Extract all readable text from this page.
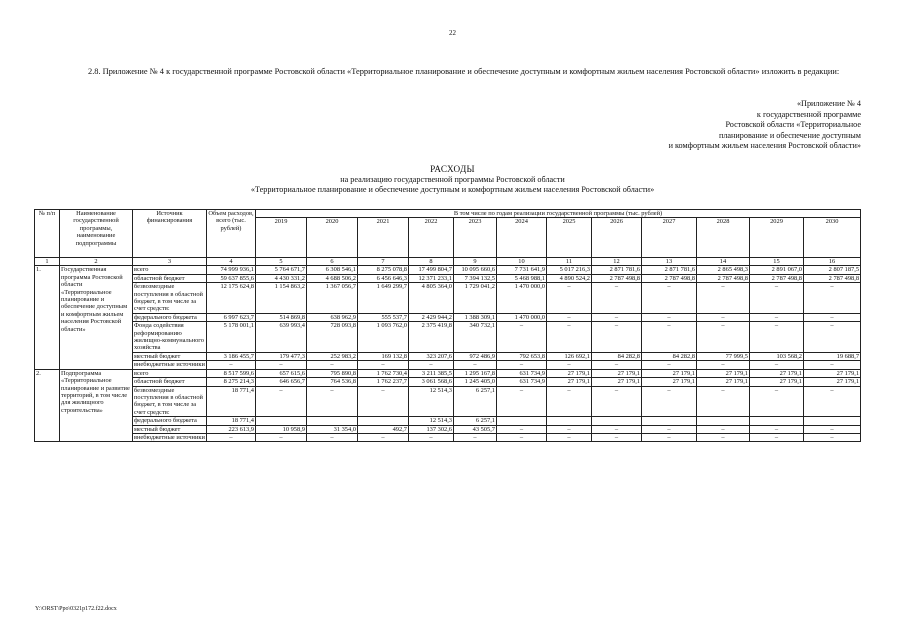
22
2.8. Приложение № 4 к государственной программе Ростовской области «Территориальное планирование и обеспечение доступным и комфортным жильем населения Ростовской области» изложить в редакции:
«Приложение № 4
к государственной программе
Ростовской области «Территориальное
планирование и обеспечение доступным
и комфортным жильем населения Ростовской области»
РАСХОДЫ
на реализацию государственной программы Ростовской области
«Территориальное планирование и обеспечение доступным и комфортным жильем населения Ростовской области»
№ п/п	Наименование государственной программы, наименование подпрограммы	Источник финансирования	Объем расходов, всего (тыс. рублей)	В том числе по годам реализации государственной программы (тыс. рублей)											
				2019	2020	2021	2022	2023	2024	2025	2026	2027	2028	2029	2030
1	2	3	4	5	6	7	8	9	10	11	12	13	14	15	16
1.	Государственная программа Ростовской области «Территориальное планирование и обеспечение доступным и комфортным жильем населения Ростовской области»	всего	74 999 936,1	5 764 671,7	6 308 546,1	8 275 078,8	17 499 804,7	10 095 660,6	7 731 641,9	5 017 216,3	2 871 781,6	2 871 781,6	2 865 498,3	2 891 067,0	2 807 187,5
		областной бюджет	59 637 855,6	4 430 331,2	4 688 506,2	6 456 646,3	12 371 233,1	7 394 132,5	5 468 988,1	4 890 524,2	2 787 498,8	2 787 498,8	2 787 498,8	2 787 498,8	2 787 498,8
		безвозмездные поступления в областной бюджет, в том числе за счет средств:	12 175 624,8	1 154 863,2	1 367 056,7	1 649 299,7	4 805 364,0	1 729 041,2	1 470 000,0	–	–	–	–	–	–
		федерального бюджета	6 997 623,7	514 869,8	638 962,9	555 537,7	2 429 944,2	1 388 309,1	1 470 000,0	–	–	–	–	–	–
		Фонда содействия реформированию жилищно-коммунального хозяйства	5 178 001,1	639 993,4	728 093,8	1 093 762,0	2 375 419,8	340 732,1	–	–	–	–	–	–	–
		местный бюджет	3 186 455,7	179 477,3	252 983,2	169 132,8	323 207,6	972 486,9	792 653,8	126 692,1	84 282,8	84 282,8	77 999,5	103 568,2	19 688,7
		внебюджетные источники	–	–	–	–	–	–	–	–	–	–	–	–	–
2.	Подпрограмма «Территориальное планирование и развитие территорий, в том числе для жилищного строительства»	всего	8 517 599,6	657 615,6	795 890,8	1 762 730,4	3 211 385,5	1 295 167,8	631 734,9	27 179,1	27 179,1	27 179,1	27 179,1	27 179,1	27 179,1
		областной бюджет	8 275 214,3	646 656,7	764 536,8	1 762 237,7	3 061 568,6	1 245 405,0	631 734,9	27 179,1	27 179,1	27 179,1	27 179,1	27 179,1	27 179,1
		безвозмездные поступления в областной бюджет, в том числе за счет средств:	18 771,4	–	–	–	12 514,3	6 257,1	–	–	–	–	–	–	–
		федерального бюджета	18 771,4				12 514,3	6 257,1							
		местный бюджет	223 613,9	10 958,9	31 354,0	492,7	137 302,6	43 505,7	–	–	–	–	–	–	–
		внебюджетные источники	–	–	–	–	–	–	–	–	–	–	–	–	–
Y:\ORST\Ppo\0321p172.f22.docx
